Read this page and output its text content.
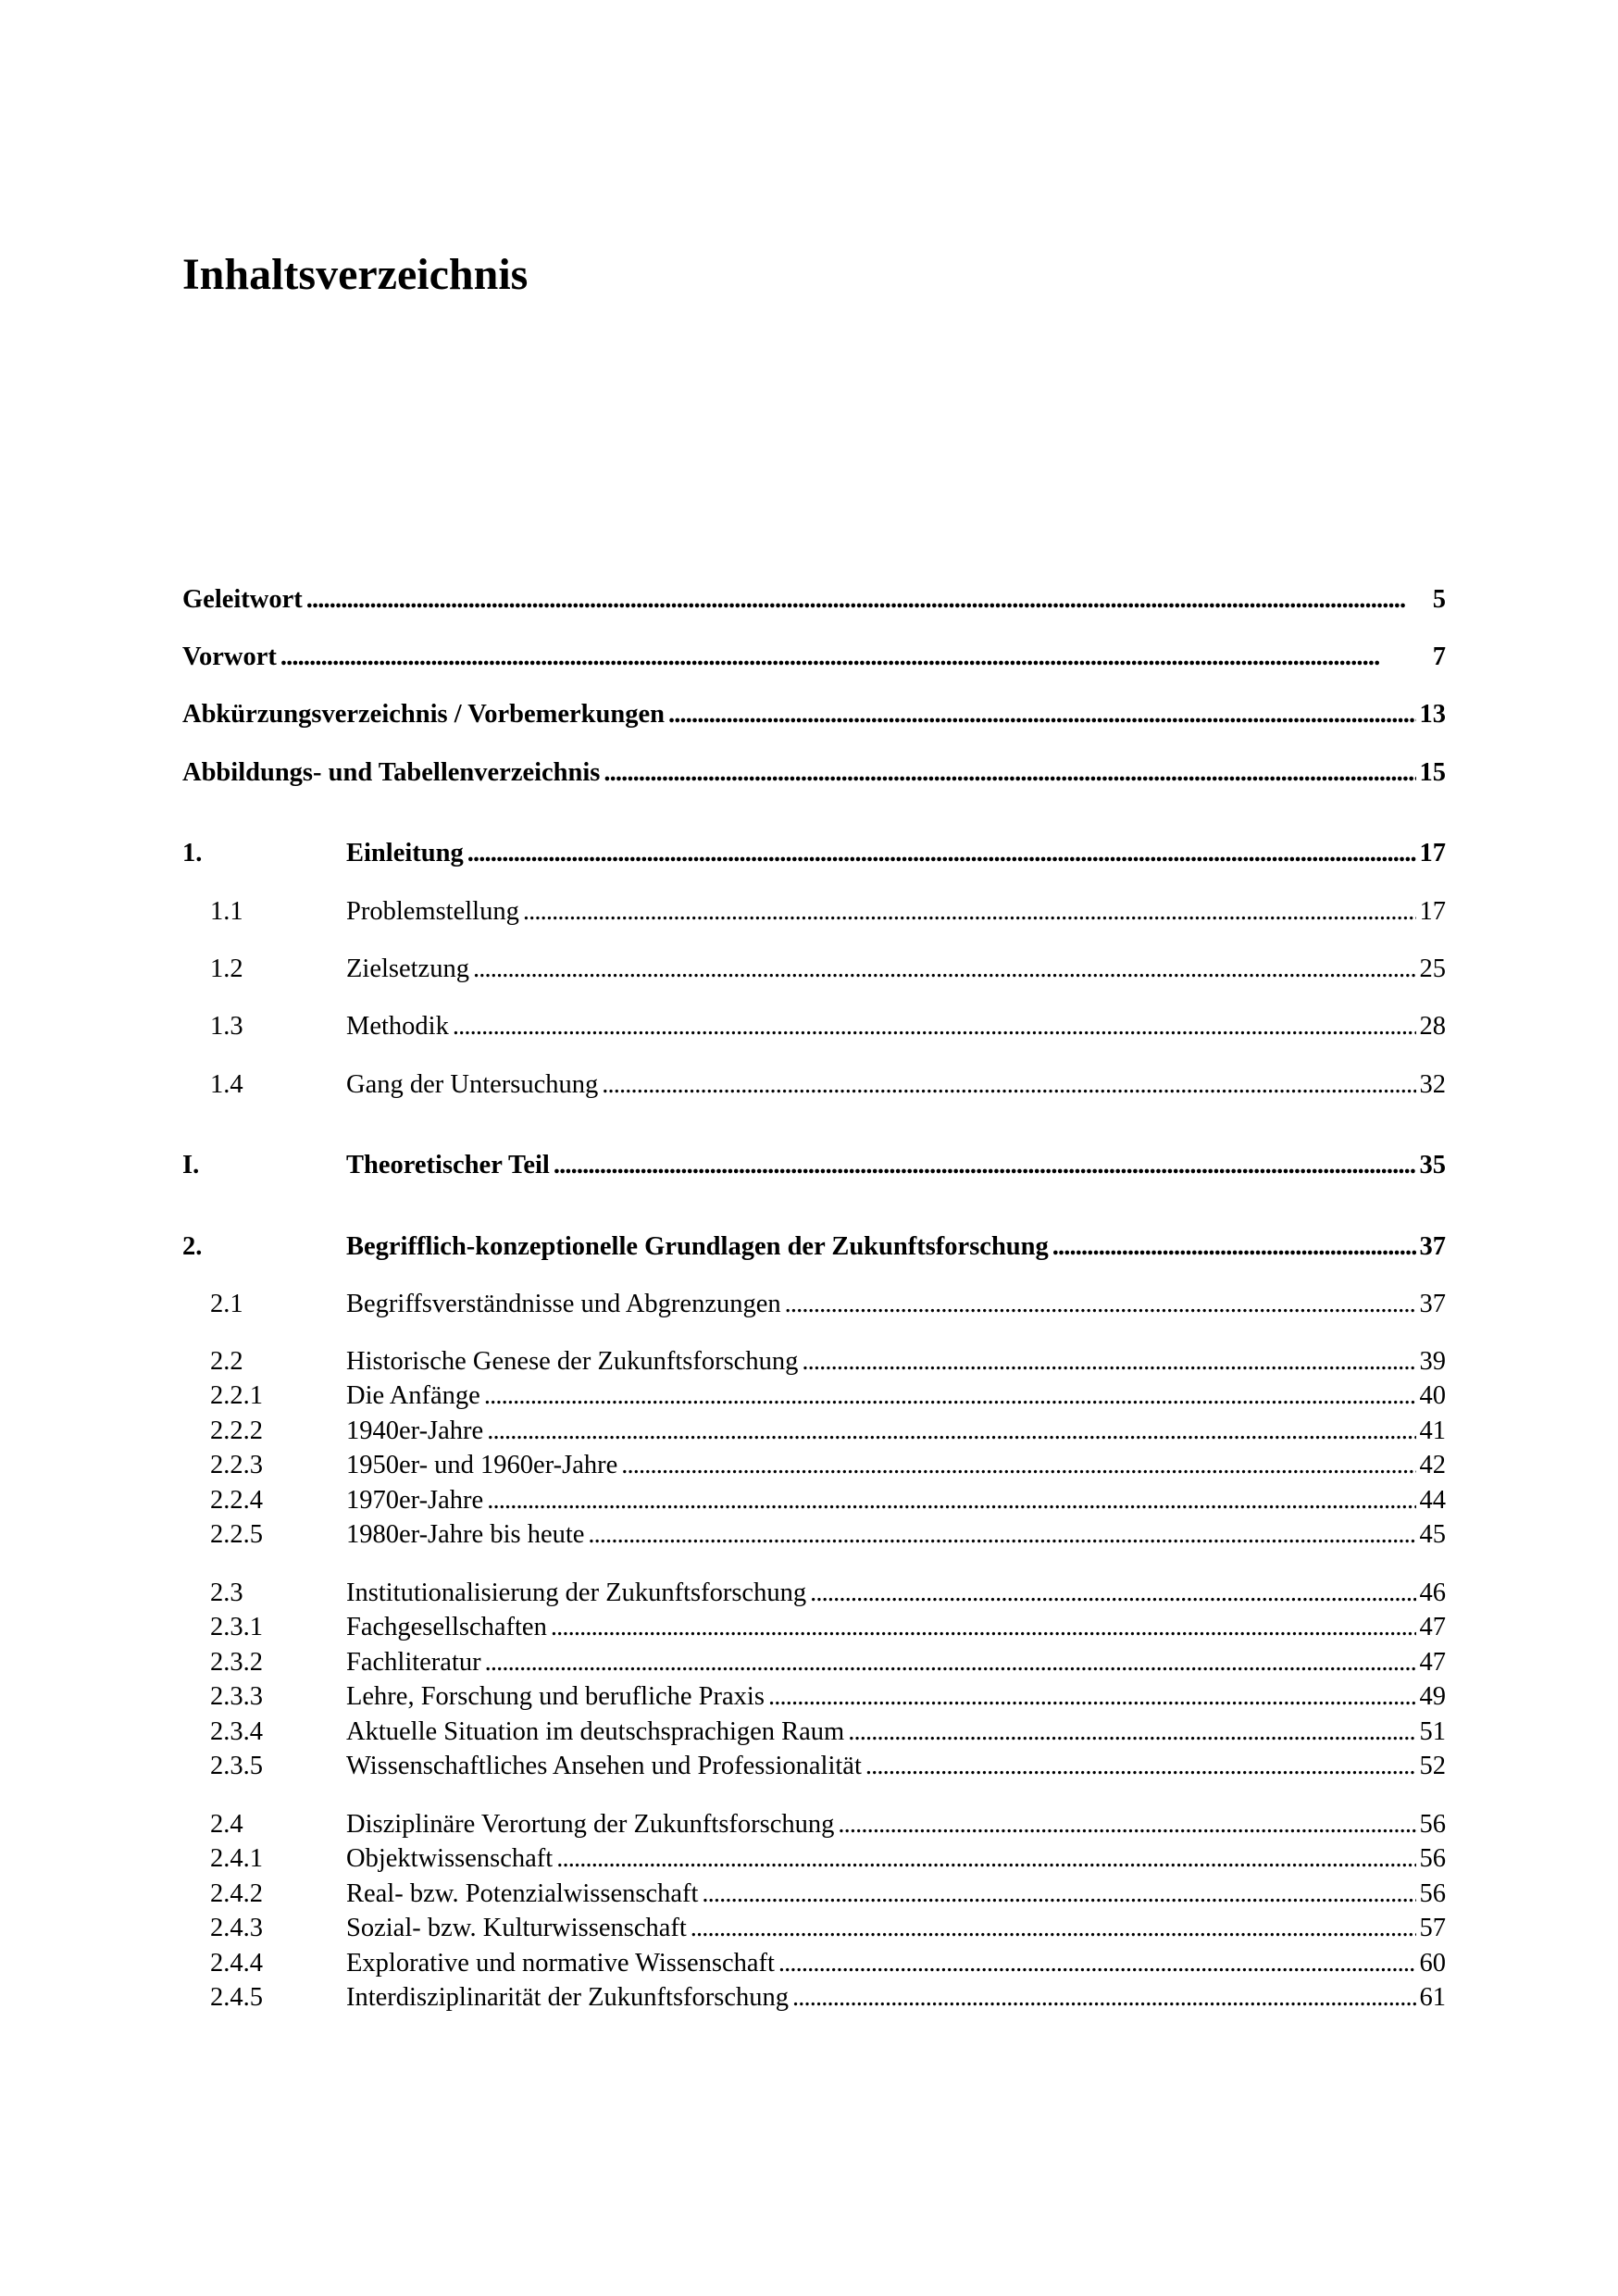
Inhaltsverzeichnis
Geleitwort . . .	5
Vorwort . . .	7
Abkürzungsverzeichnis / Vorbemerkungen . . .	13
Abbildungs- und Tabellenverzeichnis . . .	15
1.	Einleitung . . .	17
1.1	Problemstellung . . .	17
1.2	Zielsetzung . . .	25
1.3	Methodik . . .	28
1.4	Gang der Untersuchung . . .	32
I.	Theoretischer Teil . . .	35
2.	Begrifflich-konzeptionelle Grundlagen der Zukunftsforschung . . .	37
2.1	Begriffsverständnisse und Abgrenzungen . . .	37
2.2	Historische Genese der Zukunftsforschung . . .	39
2.2.1	Die Anfänge . . .	40
2.2.2	1940er-Jahre . . .	41
2.2.3	1950er- und 1960er-Jahre . . .	42
2.2.4	1970er-Jahre . . .	44
2.2.5	1980er-Jahre bis heute . . .	45
2.3	Institutionalisierung der Zukunftsforschung . . .	46
2.3.1	Fachgesellschaften . . .	47
2.3.2	Fachliteratur . . .	47
2.3.3	Lehre, Forschung und berufliche Praxis . . .	49
2.3.4	Aktuelle Situation im deutschsprachigen Raum . . .	51
2.3.5	Wissenschaftliches Ansehen und Professionalität . . .	52
2.4	Disziplinäre Verortung der Zukunftsforschung . . .	56
2.4.1	Objektwissenschaft . . .	56
2.4.2	Real- bzw. Potenzialwissenschaft . . .	56
2.4.3	Sozial- bzw. Kulturwissenschaft . . .	57
2.4.4	Explorative und normative Wissenschaft . . .	60
2.4.5	Interdisziplinarität der Zukunftsforschung . . .	61
